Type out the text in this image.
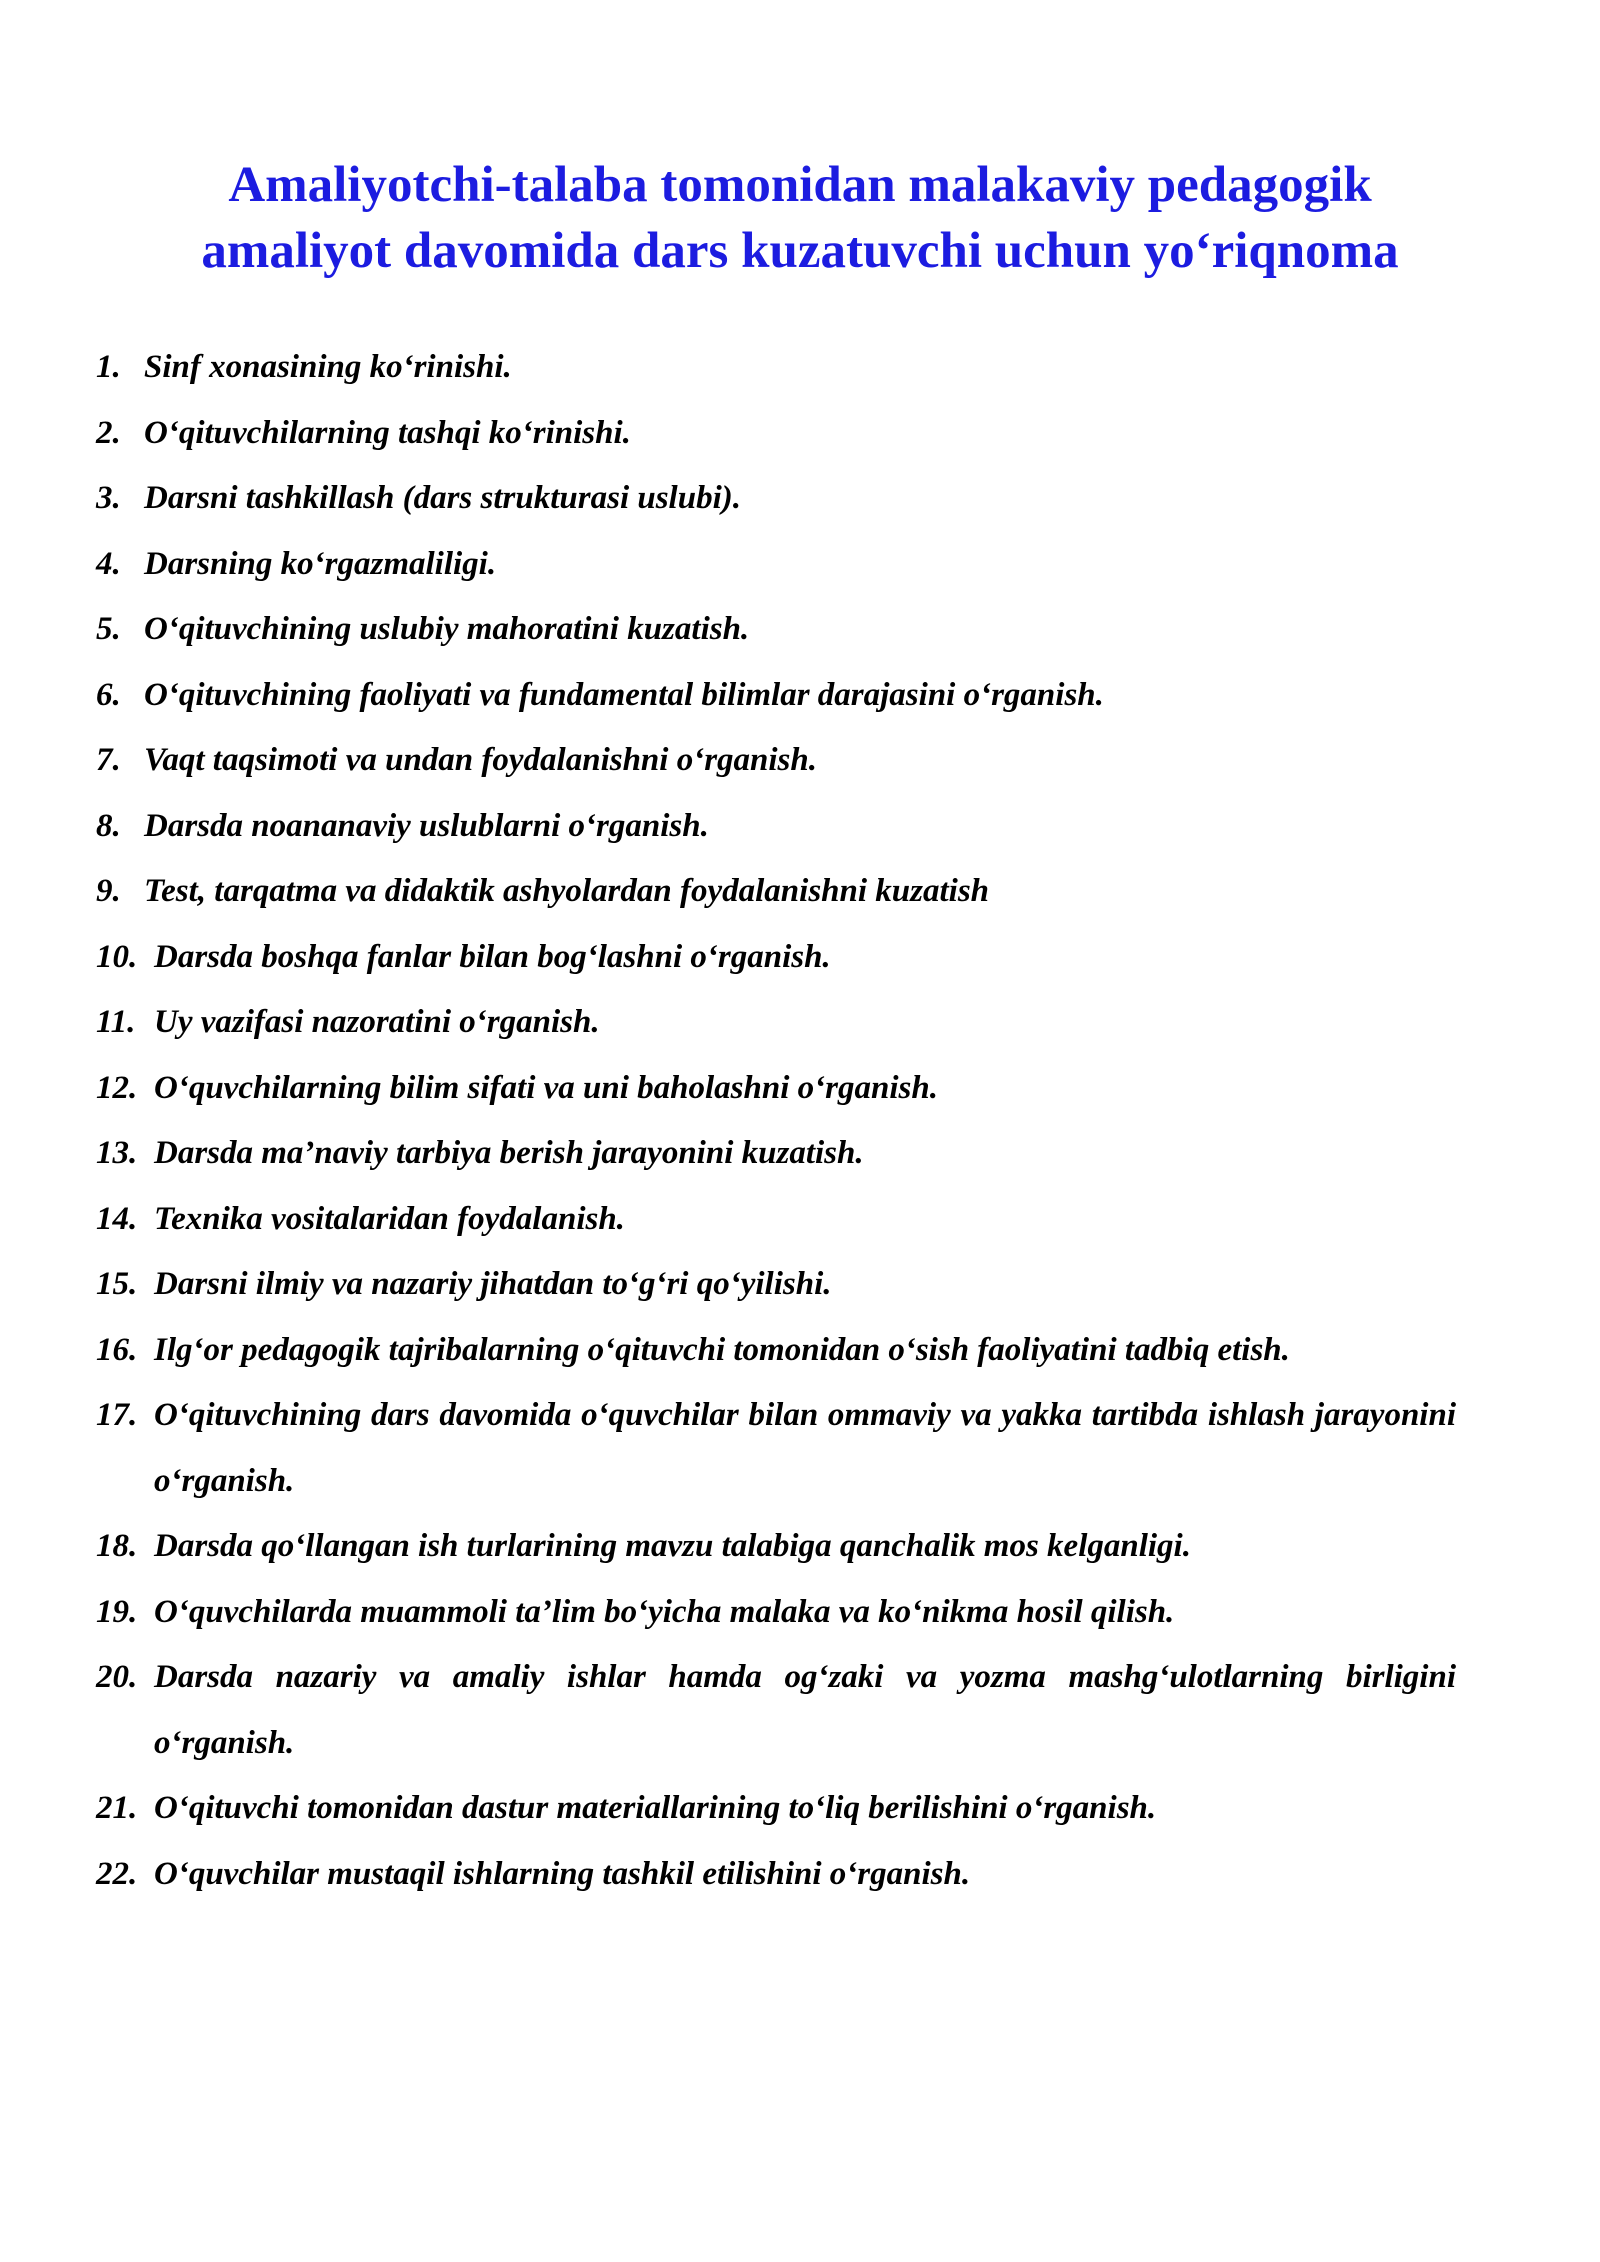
Amaliyotchi-talaba tomonidan malakaviy pedagogik
amaliyot davomida dars kuzatuvchi uchun yo‘riqnoma
1. Sinf xonasining ko‘rinishi.
2. O‘qituvchilarning tashqi ko‘rinishi.
3. Darsni tashkillash (dars strukturasi uslubi).
4. Darsning ko‘rgazmaliligi.
5. O‘qituvchining uslubiy mahoratini kuzatish.
6. O‘qituvchining faoliyati va fundamental bilimlar darajasini o‘rganish.
7. Vaqt taqsimoti va undan foydalanishni o‘rganish.
8. Darsda noananaviy uslublarni o‘rganish.
9. Test, tarqatma va didaktik ashyolardan foydalanishni kuzatish
10. Darsda boshqa fanlar bilan bog‘lashni o‘rganish.
11. Uy vazifasi nazoratini o‘rganish.
12. O‘quvchilarning bilim sifati va uni baholashni o‘rganish.
13. Darsda ma’naviy tarbiya berish jarayonini kuzatish.
14. Texnika vositalaridan foydalanish.
15. Darsni ilmiy va nazariy jihatdan to‘g‘ri qo‘yilishi.
16. Ilg‘or pedagogik tajribalarning o‘qituvchi tomonidan o‘sish faoliyatini tadbiq etish.
17. O‘qituvchining dars davomida o‘quvchilar bilan ommaviy va yakka tartibda ishlash jarayonini o‘rganish.
18. Darsda qo‘llangan ish turlarining mavzu talabiga qanchalik mos kelganligi.
19. O‘quvchilarda muammoli ta’lim bo‘yicha malaka va ko‘nikma hosil qilish.
20. Darsda nazariy va amaliy ishlar hamda og‘zaki va yozma mashg‘ulotlarning birligini o‘rganish.
21. O‘qituvchi tomonidan dastur materiallarining to‘liq berilishini o‘rganish.
22. O‘quvchilar mustaqil ishlarning tashkil etilishini o‘rganish.
